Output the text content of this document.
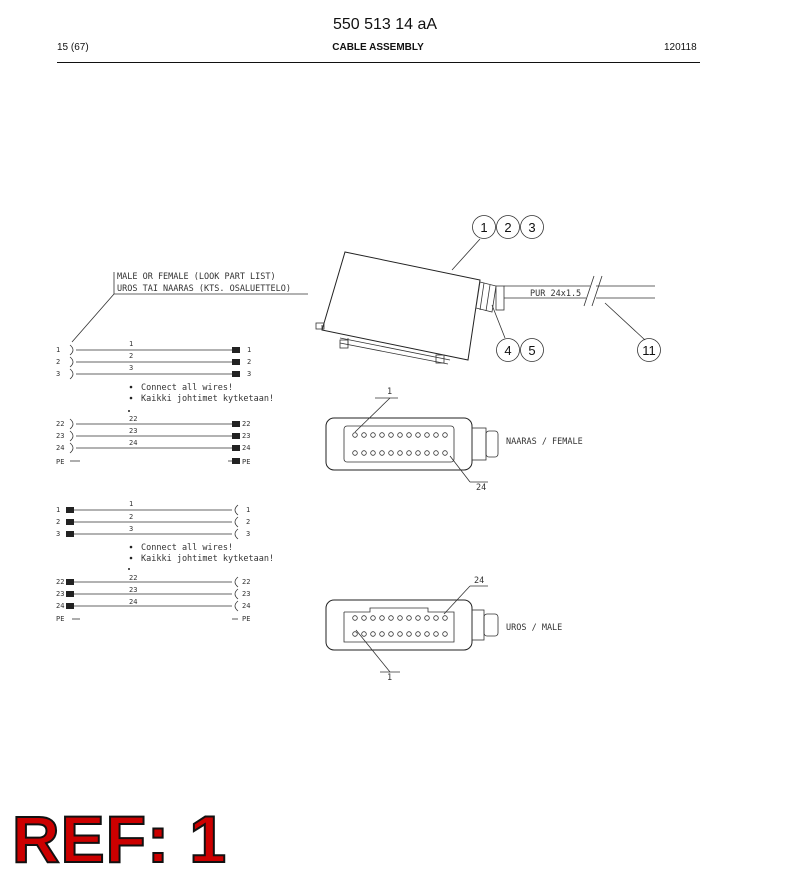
550 513 14 aA
15 (67)	CABLE ASSEMBLY	120118
1 2 3
4 5	11
MALE OR FEMALE (LOOK PART LIST)
UROS TAI NAARAS (KTS. OSALUETTELO)	PUR 24x1.5
Connect all wires!
Kaikki johtimet kytketaan!
Connect all wires!
Kaikki johtimet kytketaan!
NAARAS / FEMALE
UROS / MALE
1
24
24
1
1
2
3
1
2
3
1
2
3
22
23
24
PE
22
23
24
22
23
24
PE
1
2
3
1
2
3
1
2
3
22
23
24
PE
22
23
24
22
23
24
PE
REF: 1
